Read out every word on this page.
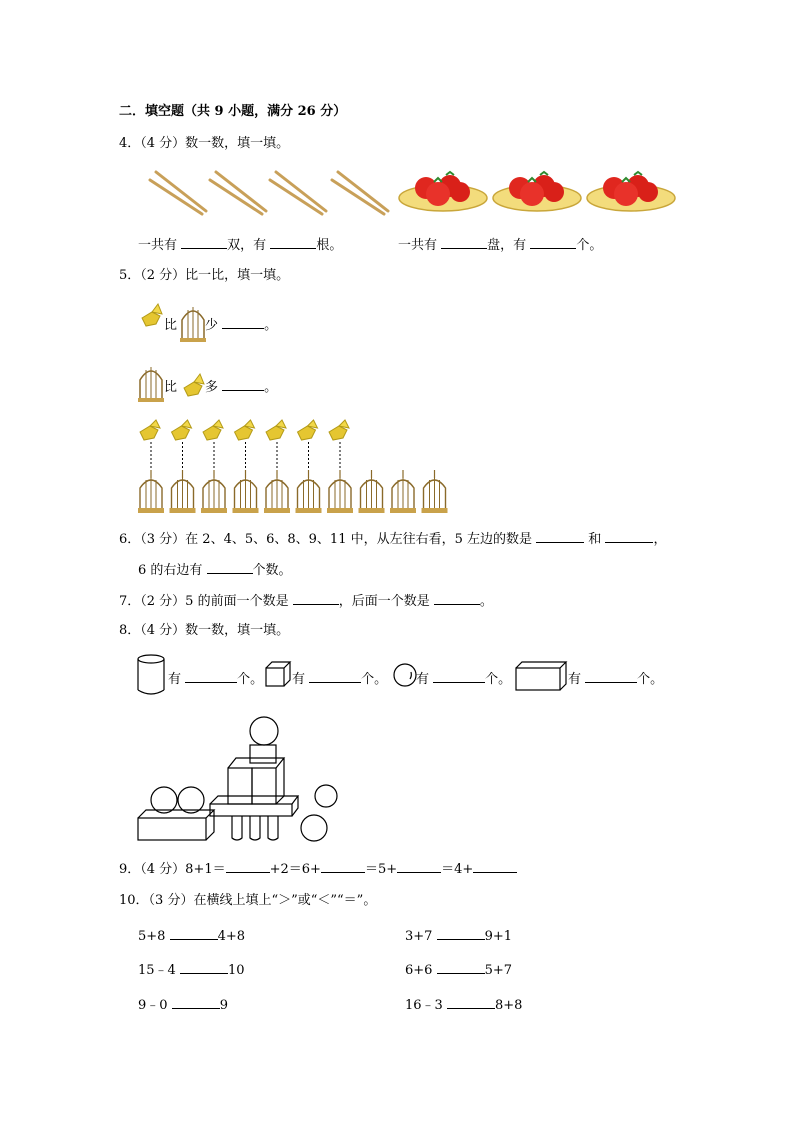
二．填空题（共 9 小题，满分 26 分）
4．（4 分）数一数，填一填。
一共有	双，有	根。	一共有	盘，有	个。
5．（2 分）比一比，填一填。
比 少	。
比 多	。
6．（3 分）在 2、4、5、6、8、9、11 中，从左往右看，5 左边的数是	和	，
6 的右边有	个数。
7．（2 分）5 的前面一个数是	，后面一个数是	。
8．（4 分）数一数，填一填。
有	个。 有	个。 有	个。	有	个。
9．（4 分）8+1＝	+2＝6+	＝5+	＝4+
10．（3 分）在横线上填上“＞”或“＜”“＝”。
5+8	4+8	3+7	9+1
15﹣4	10	6+6	5+7
9﹣0	9	16﹣3	8+8
